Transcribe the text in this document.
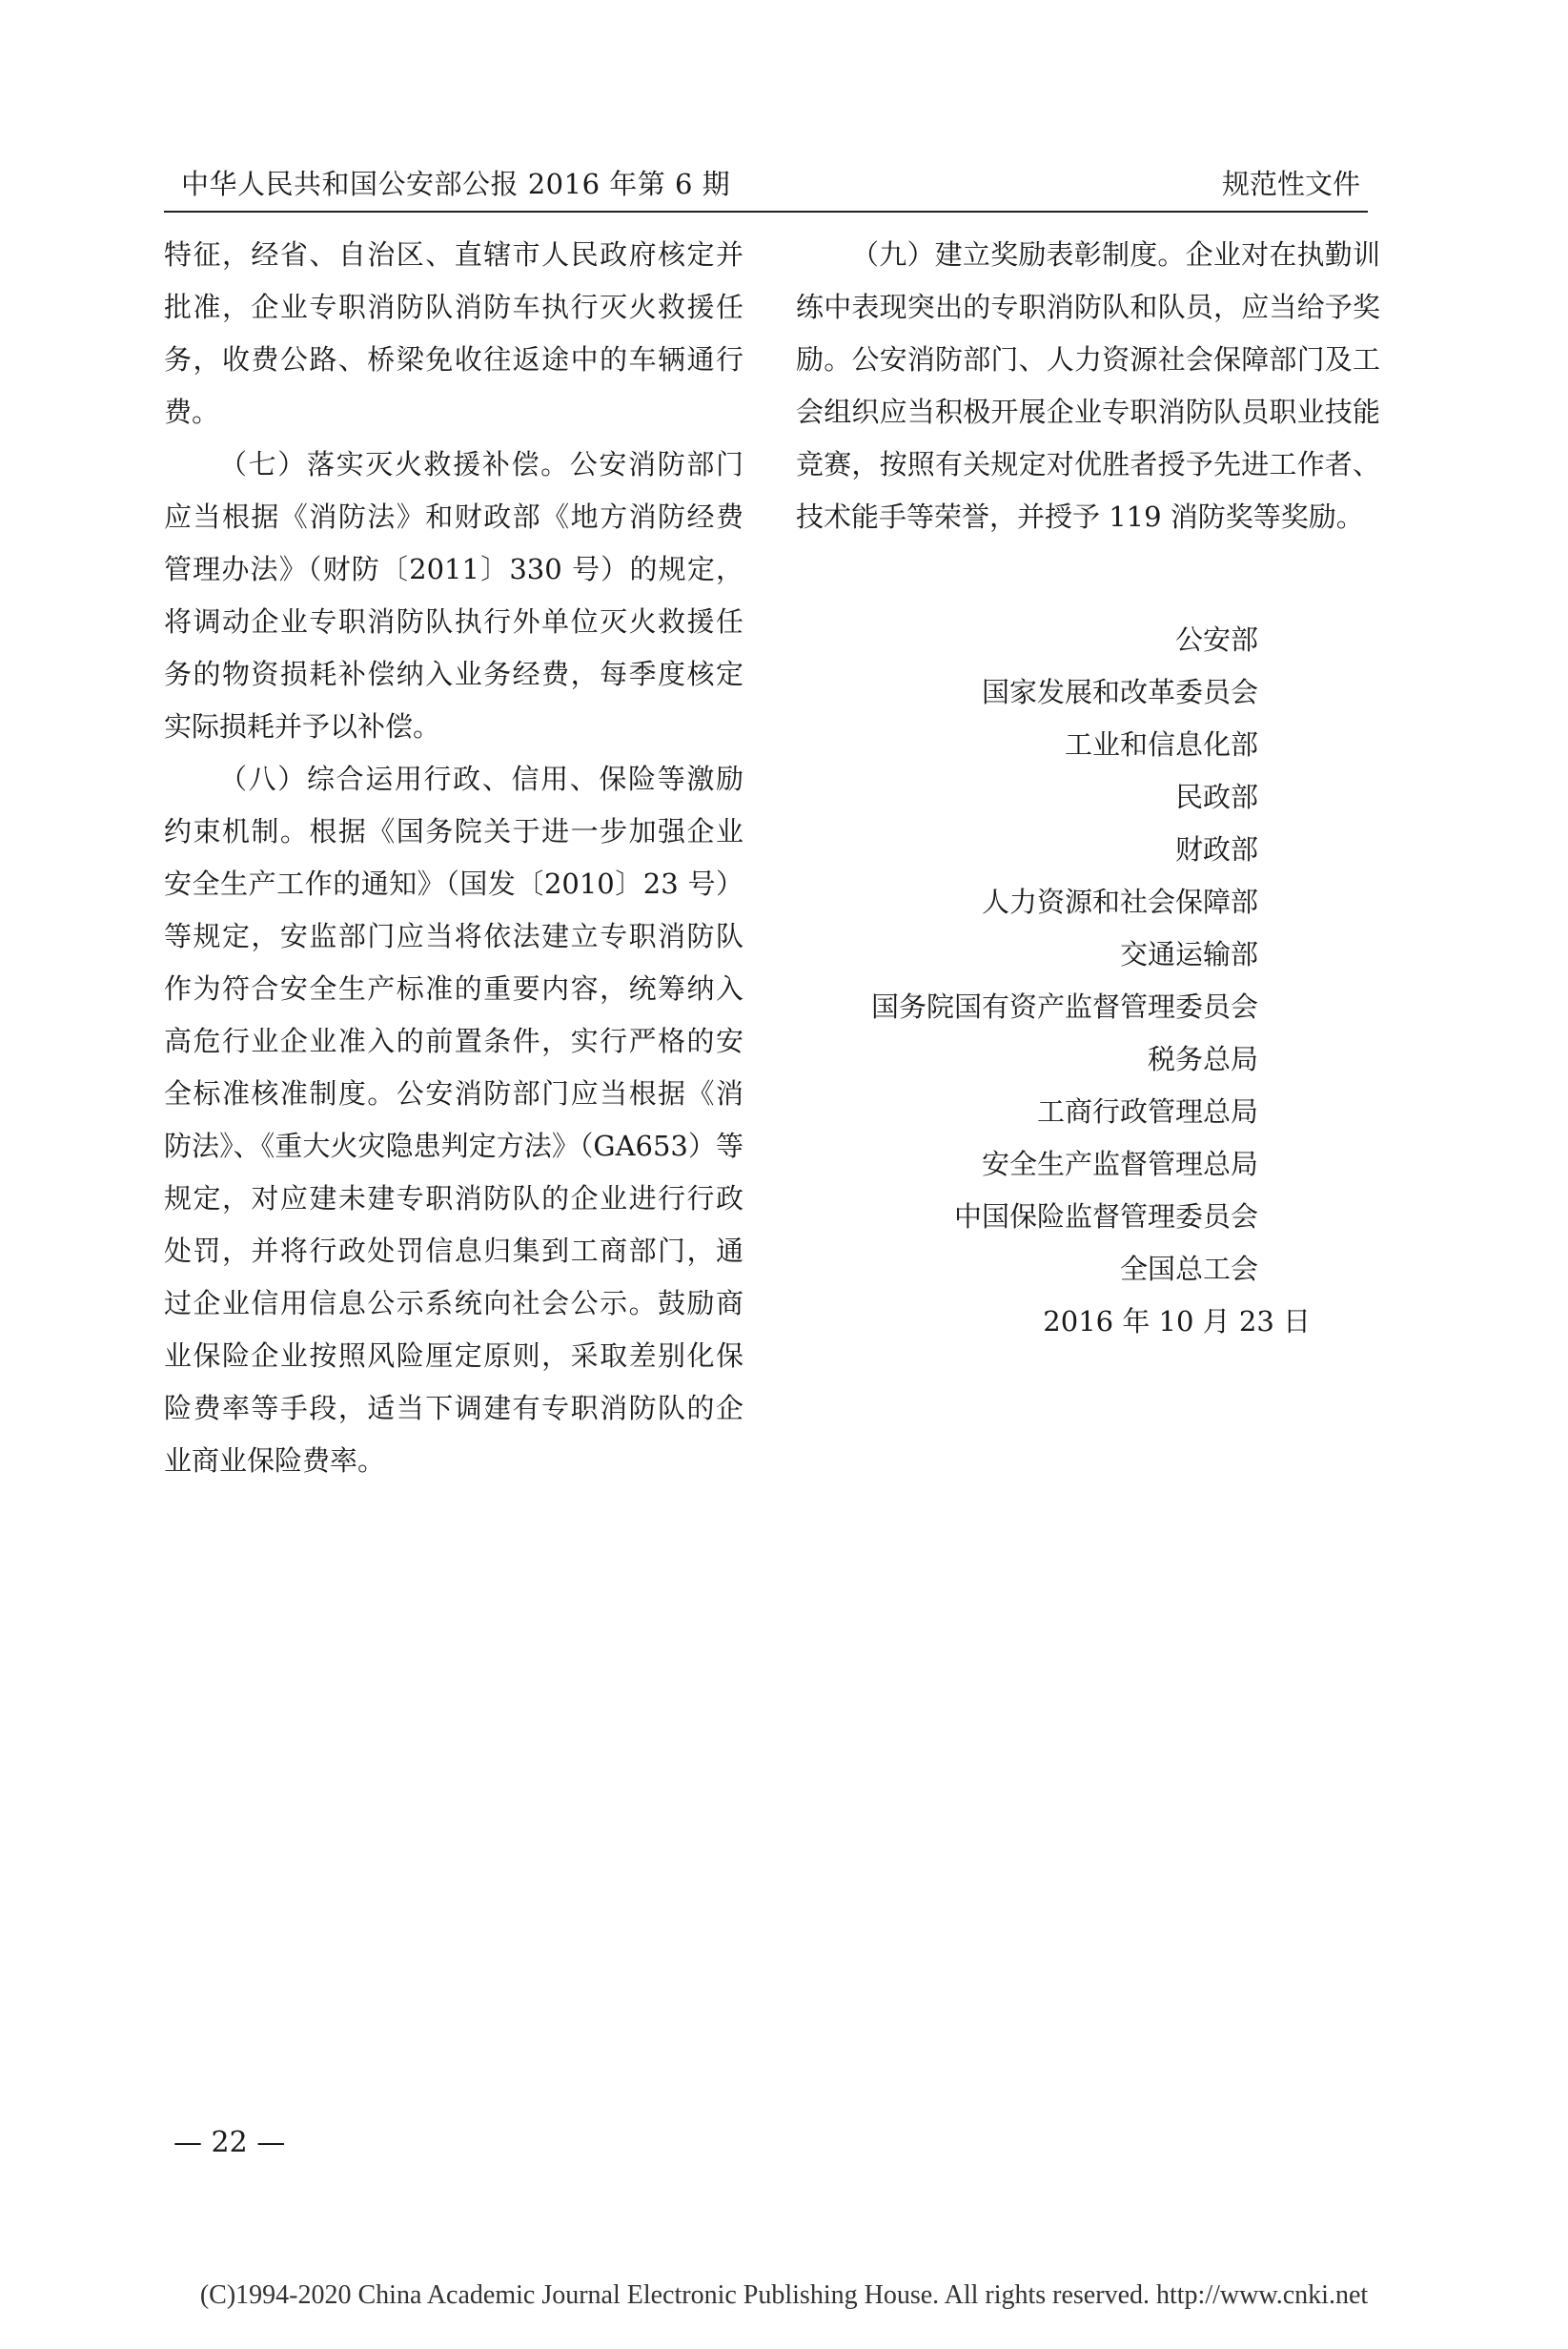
中华人民共和国公安部公报 2016 年第 6 期	规范性文件

特征，经省、自治区、直辖市人民政府核定并批准，企业专职消防队消防车执行灭火救援任务，收费公路、桥梁免收往返途中的车辆通行费。

（七）落实灭火救援补偿。公安消防部门应当根据《消防法》和财政部《地方消防经费管理办法》（财防〔2011〕330 号）的规定，将调动企业专职消防队执行外单位灭火救援任务的物资损耗补偿纳入业务经费，每季度核定实际损耗并予以补偿。

（八）综合运用行政、信用、保险等激励约束机制。根据《国务院关于进一步加强企业安全生产工作的通知》（国发〔2010〕23 号）等规定，安监部门应当将依法建立专职消防队作为符合安全生产标准的重要内容，统筹纳入高危行业企业准入的前置条件，实行严格的安全标准核准制度。公安消防部门应当根据《消防法》、《重大火灾隐患判定方法》（GA653）等规定，对应建未建专职消防队的企业进行行政处罚，并将行政处罚信息归集到工商部门，通过企业信用信息公示系统向社会公示。鼓励商业保险企业按照风险厘定原则，采取差别化保险费率等手段，适当下调建有专职消防队的企业商业保险费率。

（九）建立奖励表彰制度。企业对在执勤训练中表现突出的专职消防队和队员，应当给予奖励。公安消防部门、人力资源社会保障部门及工会组织应当积极开展企业专职消防队员职业技能竞赛，按照有关规定对优胜者授予先进工作者、技术能手等荣誉，并授予 119 消防奖等奖励。

公安部
国家发展和改革委员会
工业和信息化部
民政部
财政部
人力资源和社会保障部
交通运输部
国务院国有资产监督管理委员会
税务总局
工商行政管理总局
安全生产监督管理总局
中国保险监督管理委员会
全国总工会
2016 年 10 月 23 日
— 22 —
(C)1994-2020 China Academic Journal Electronic Publishing House. All rights reserved. http://www.cnki.net
